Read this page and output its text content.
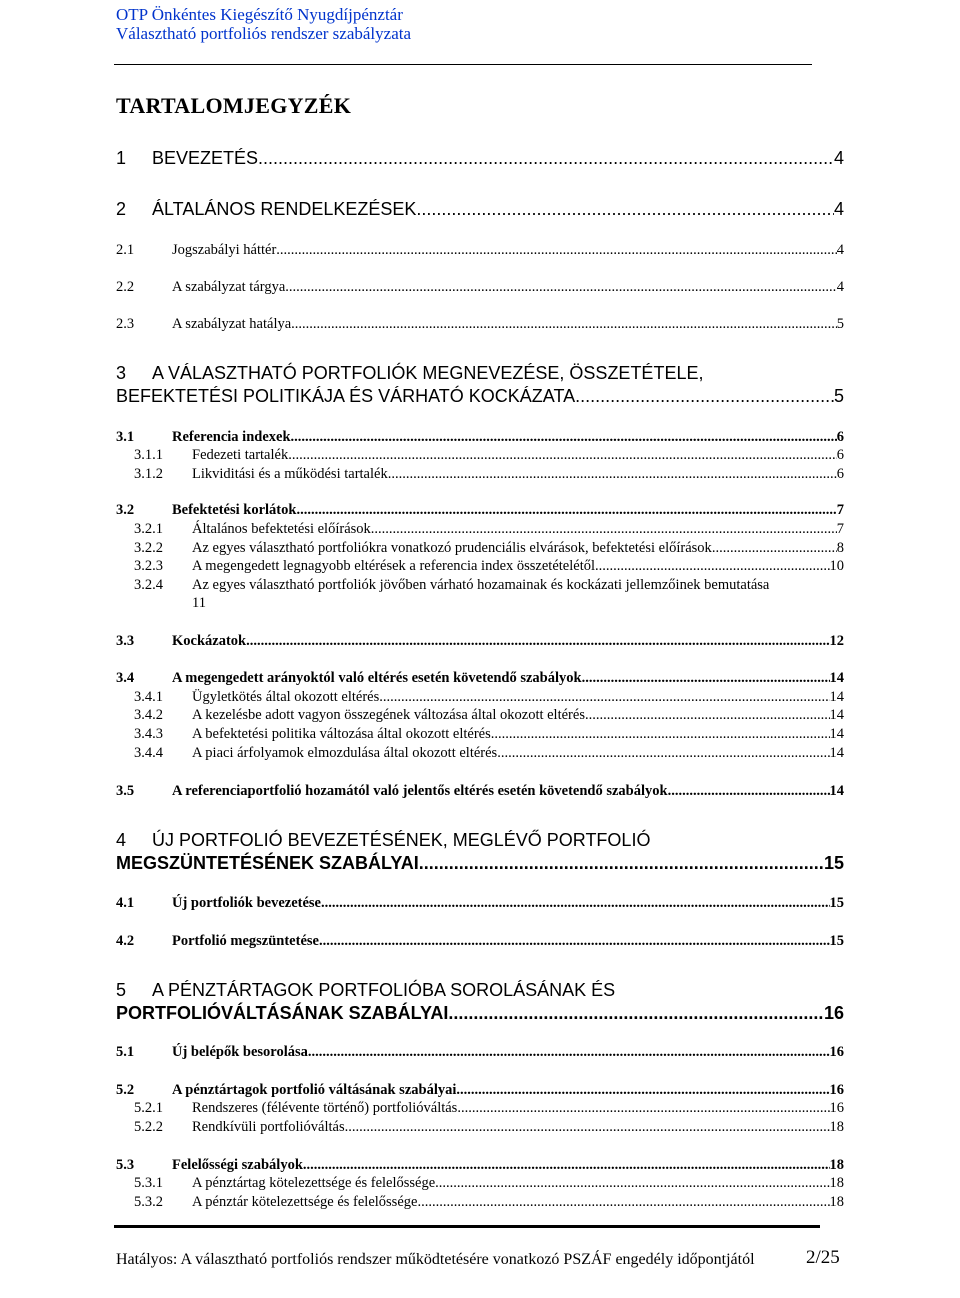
OTP Önkéntes Kiegészítő Nyugdíjpénztár
Választható portfoliós rendszer szabályzata
TARTALOMJEGYZÉK
1	BEVEZETÉS .....	4
2	ÁLTALÁNOS RENDELKEZÉSEK .....	4
2.1	Jogszabályi háttér .....	4
2.2	A szabályzat tárgya .....	4
2.3	A szabályzat hatálya .....	5
3 A VÁLASZTHATÓ PORTFOLIÓK MEGNEVEZÉSE, ÖSSZETÉTELE,
BEFEKTETÉSI POLITIKÁJA ÉS VÁRHATÓ KOCKÁZATA .....	5
3.1	Referencia indexek .....	6
3.1.1	Fedezeti tartalék .....	6
3.1.2	Likviditási és a működési tartalék .....	6
3.2	Befektetési korlátok .....	7
3.2.1	Általános befektetési előírások .....	7
3.2.2	Az egyes választható portfoliókra vonatkozó prudenciális elvárások, befektetési előírások .....	8
3.2.3	A megengedett legnagyobb eltérések a referencia index összetételétől .....	10
3.2.4 Az egyes választható portfoliók jövőben várható hozamainak és kockázati jellemzőinek bemutatása
11
3.3	Kockázatok .....	12
3.4	A megengedett arányoktól való eltérés esetén követendő szabályok .....	14
3.4.1	Ügyletkötés által okozott eltérés .....	14
3.4.2	A kezelésbe adott vagyon összegének változása által okozott eltérés .....	14
3.4.3	A befektetési politika változása által okozott eltérés .....	14
3.4.4	A piaci árfolyamok elmozdulása által okozott eltérés .....	14
3.5	A referenciaportfolió hozamától való jelentős eltérés esetén követendő szabályok .....	14
4 ÚJ PORTFOLIÓ BEVEZETÉSÉNEK, MEGLÉVŐ PORTFOLIÓ
MEGSZÜNTETÉSÉNEK SZABÁLYAI .....	15
4.1	Új portfoliók bevezetése .....	15
4.2	Portfolió megszüntetése .....	15
5 A PÉNZTÁRTAGOK PORTFOLIÓBA SOROLÁSÁNAK ÉS
PORTFOLIÓVÁLTÁSÁNAK SZABÁLYAI .....	16
5.1	Új belépők besorolása .....	16
5.2	A pénztártagok portfolió váltásának szabályai .....	16
5.2.1	Rendszeres (félévente történő) portfolióváltás .....	16
5.2.2	Rendkívüli portfolióváltás .....	18
5.3	Felelősségi szabályok .....	18
5.3.1	A pénztártag kötelezettsége és felelőssége .....	18
5.3.2	A pénztár kötelezettsége és felelőssége .....	18
Hatályos: A választható portfoliós rendszer működtetésére vonatkozó PSZÁF engedély időpontjától	2/25
